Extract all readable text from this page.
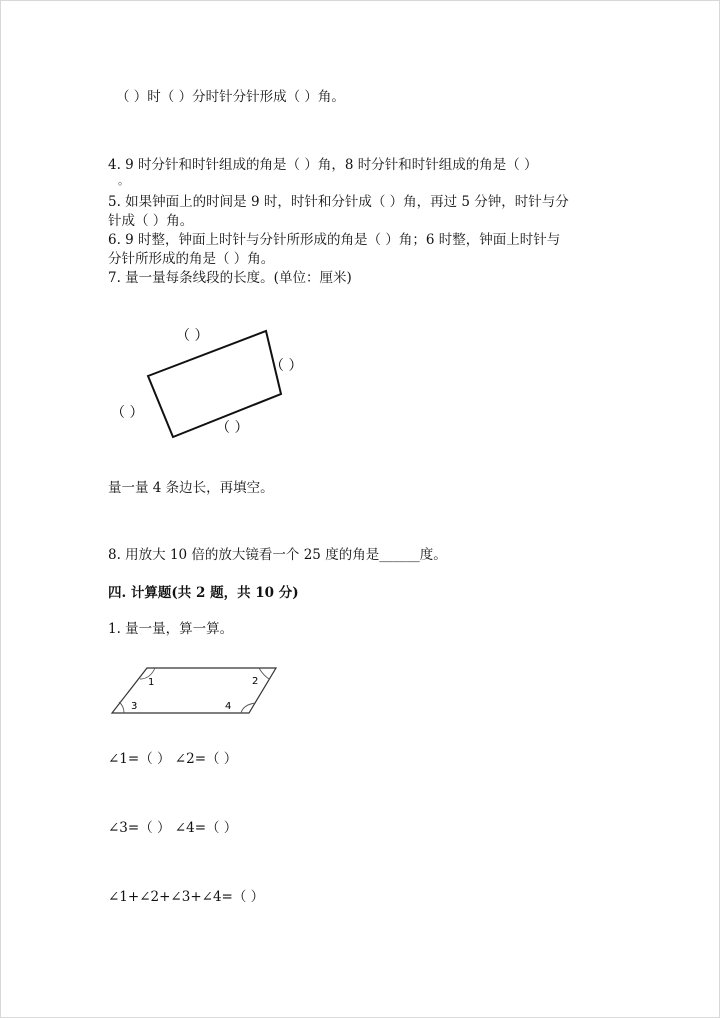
（ ）时（ ）分时针分针形成（ ）角。
4. 9 时分针和时针组成的角是（ ）角，8 时分针和时针组成的角是（ ）
。
5. 如果钟面上的时间是 9 时，时针和分针成（ ）角，再过 5 分钟，时针与分
针成（ ）角。
6. 9 时整，钟面上时针与分针所形成的角是（ ）角；6 时整，钟面上时针与
分针所形成的角是（ ）角。
7. 量一量每条线段的长度。(单位：厘米)
（ ）
（ ）
（ ）
（ ）
量一量 4 条边长，再填空。
8. 用放大 10 倍的放大镜看一个 25 度的角是______度。
四. 计算题(共 2 题，共 10 分)
1. 量一量，算一算。
1	2
3	4
∠1=（ ） ∠2=（ ）
∠3=（ ） ∠4=（ ）
∠1+∠2+∠3+∠4=（ ）
